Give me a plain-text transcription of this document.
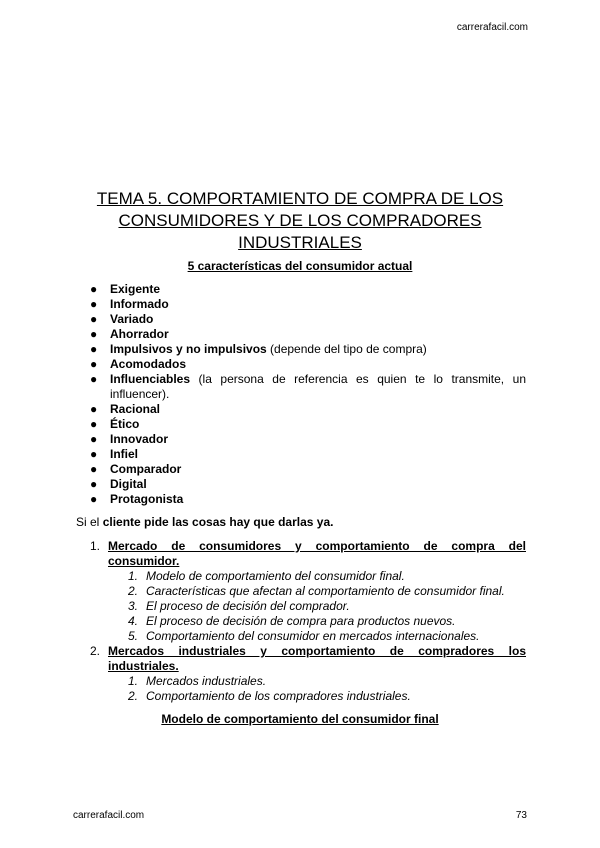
carrerafacil.com
TEMA 5. COMPORTAMIENTO DE COMPRA DE LOS
CONSUMIDORES Y DE LOS COMPRADORES
INDUSTRIALES
5 características del consumidor actual
● Exigente
● Informado
● Variado
● Ahorrador
● Impulsivos y no impulsivos (depende del tipo de compra)
● Acomodados
● Influenciables (la persona de referencia es quien te lo transmite, un influencer).
● Racional
● Ético
● Innovador
● Infiel
● Comparador
● Digital
● Protagonista
Si el cliente pide las cosas hay que darlas ya.
1. Mercado de consumidores y comportamiento de compra del consumidor.
1. Modelo de comportamiento del consumidor final.
2. Características que afectan al comportamiento de consumidor final.
3. El proceso de decisión del comprador.
4. El proceso de decisión de compra para productos nuevos.
5. Comportamiento del consumidor en mercados internacionales.
2. Mercados industriales y comportamiento de compradores los industriales.
1. Mercados industriales.
2. Comportamiento de los compradores industriales.
Modelo de comportamiento del consumidor final
carrerafacil.com	73
